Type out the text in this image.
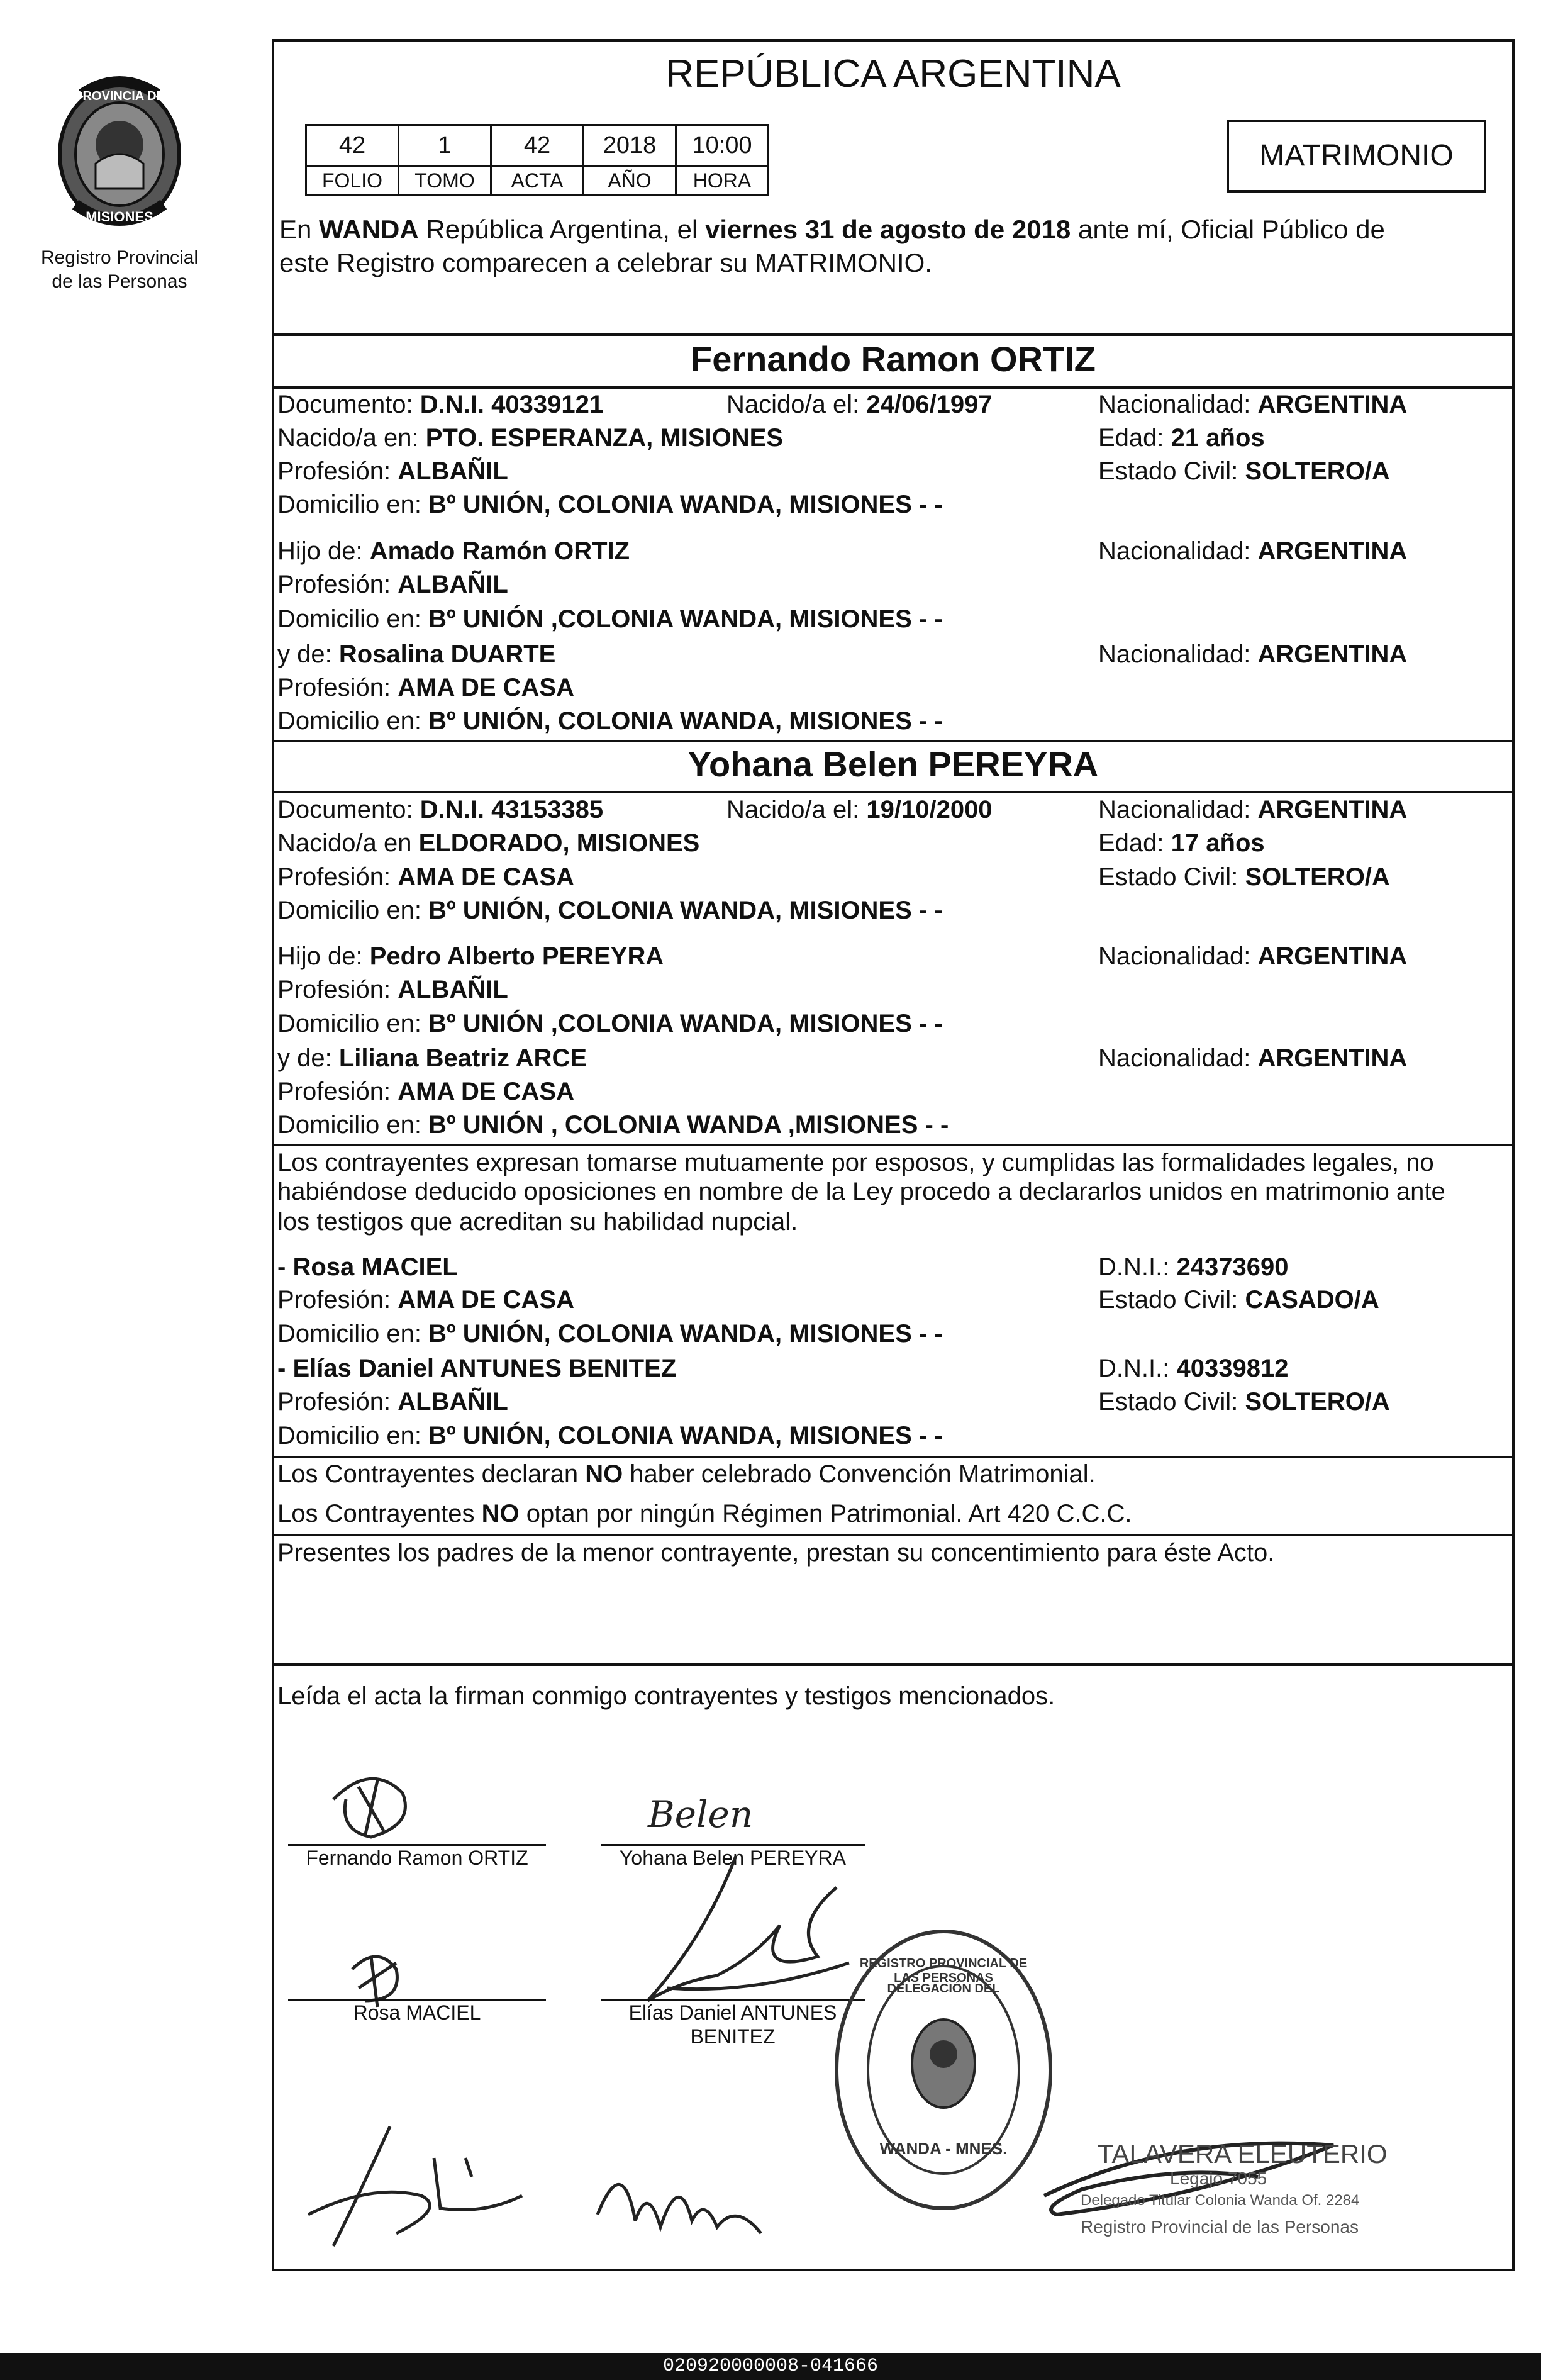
PROVINCIA DE
MISIONES
Registro Provincial
de las Personas
REPÚBLICA ARGENTINA
42	1	42	2018	10:00
FOLIO	TOMO	ACTA	AÑO	HORA
MATRIMONIO
En WANDA República Argentina, el viernes 31 de agosto de 2018 ante mí, Oficial Público de
este Registro comparecen a celebrar su MATRIMONIO.
Fernando Ramon ORTIZ
Documento: D.N.I. 40339121	Nacido/a el: 24/06/1997	Nacionalidad: ARGENTINA
Nacido/a en: PTO. ESPERANZA, MISIONES	Edad: 21 años
Profesión: ALBAÑIL	Estado Civil: SOLTERO/A
Domicilio en: Bº UNIÓN, COLONIA WANDA, MISIONES - -
Hijo de: Amado Ramón ORTIZ	Nacionalidad: ARGENTINA
Profesión: ALBAÑIL
Domicilio en: Bº UNIÓN ,COLONIA WANDA, MISIONES - -
y de: Rosalina DUARTE	Nacionalidad: ARGENTINA
Profesión: AMA DE CASA
Domicilio en: Bº UNIÓN, COLONIA WANDA, MISIONES - -
Yohana Belen PEREYRA
Documento: D.N.I. 43153385	Nacido/a el: 19/10/2000	Nacionalidad: ARGENTINA
Nacido/a en ELDORADO, MISIONES	Edad: 17 años
Profesión: AMA DE CASA	Estado Civil: SOLTERO/A
Domicilio en: Bº UNIÓN, COLONIA WANDA, MISIONES - -
Hijo de: Pedro Alberto PEREYRA	Nacionalidad: ARGENTINA
Profesión: ALBAÑIL
Domicilio en: Bº UNIÓN ,COLONIA WANDA, MISIONES - -
y de: Liliana Beatriz ARCE	Nacionalidad: ARGENTINA
Profesión: AMA DE CASA
Domicilio en: Bº UNIÓN , COLONIA WANDA ,MISIONES - -
Los contrayentes expresan tomarse mutuamente por esposos, y cumplidas las formalidades legales, no
habiéndose deducido oposiciones en nombre de la Ley procedo a declararlos unidos en matrimonio ante
los testigos que acreditan su habilidad nupcial.
- Rosa MACIEL	D.N.I.: 24373690
Profesión: AMA DE CASA	Estado Civil: CASADO/A
Domicilio en: Bº UNIÓN, COLONIA WANDA, MISIONES - -
- Elías Daniel ANTUNES BENITEZ	D.N.I.: 40339812
Profesión: ALBAÑIL	Estado Civil: SOLTERO/A
Domicilio en: Bº UNIÓN, COLONIA WANDA, MISIONES - -
Los Contrayentes declaran NO haber celebrado Convención Matrimonial.
Los Contrayentes NO optan por ningún Régimen Patrimonial. Art 420 C.C.C.
Presentes los padres de la menor contrayente, prestan su concentimiento para éste Acto.
Leída el acta la firman conmigo contrayentes y testigos mencionados.
Fernando Ramon ORTIZ
Belen
Yohana Belen PEREYRA
Rosa MACIEL	Elías Daniel ANTUNES
BENITEZ
REGISTRO PROVINCIAL DE LAS PERSONAS
DELEGACIÓN DEL
WANDA - MNES.	TALAVERA ELEUTERIO
Legajo 7055
Delegado Titular Colonia Wanda Of. 2284
Registro Provincial de las Personas
020920000008-041666
